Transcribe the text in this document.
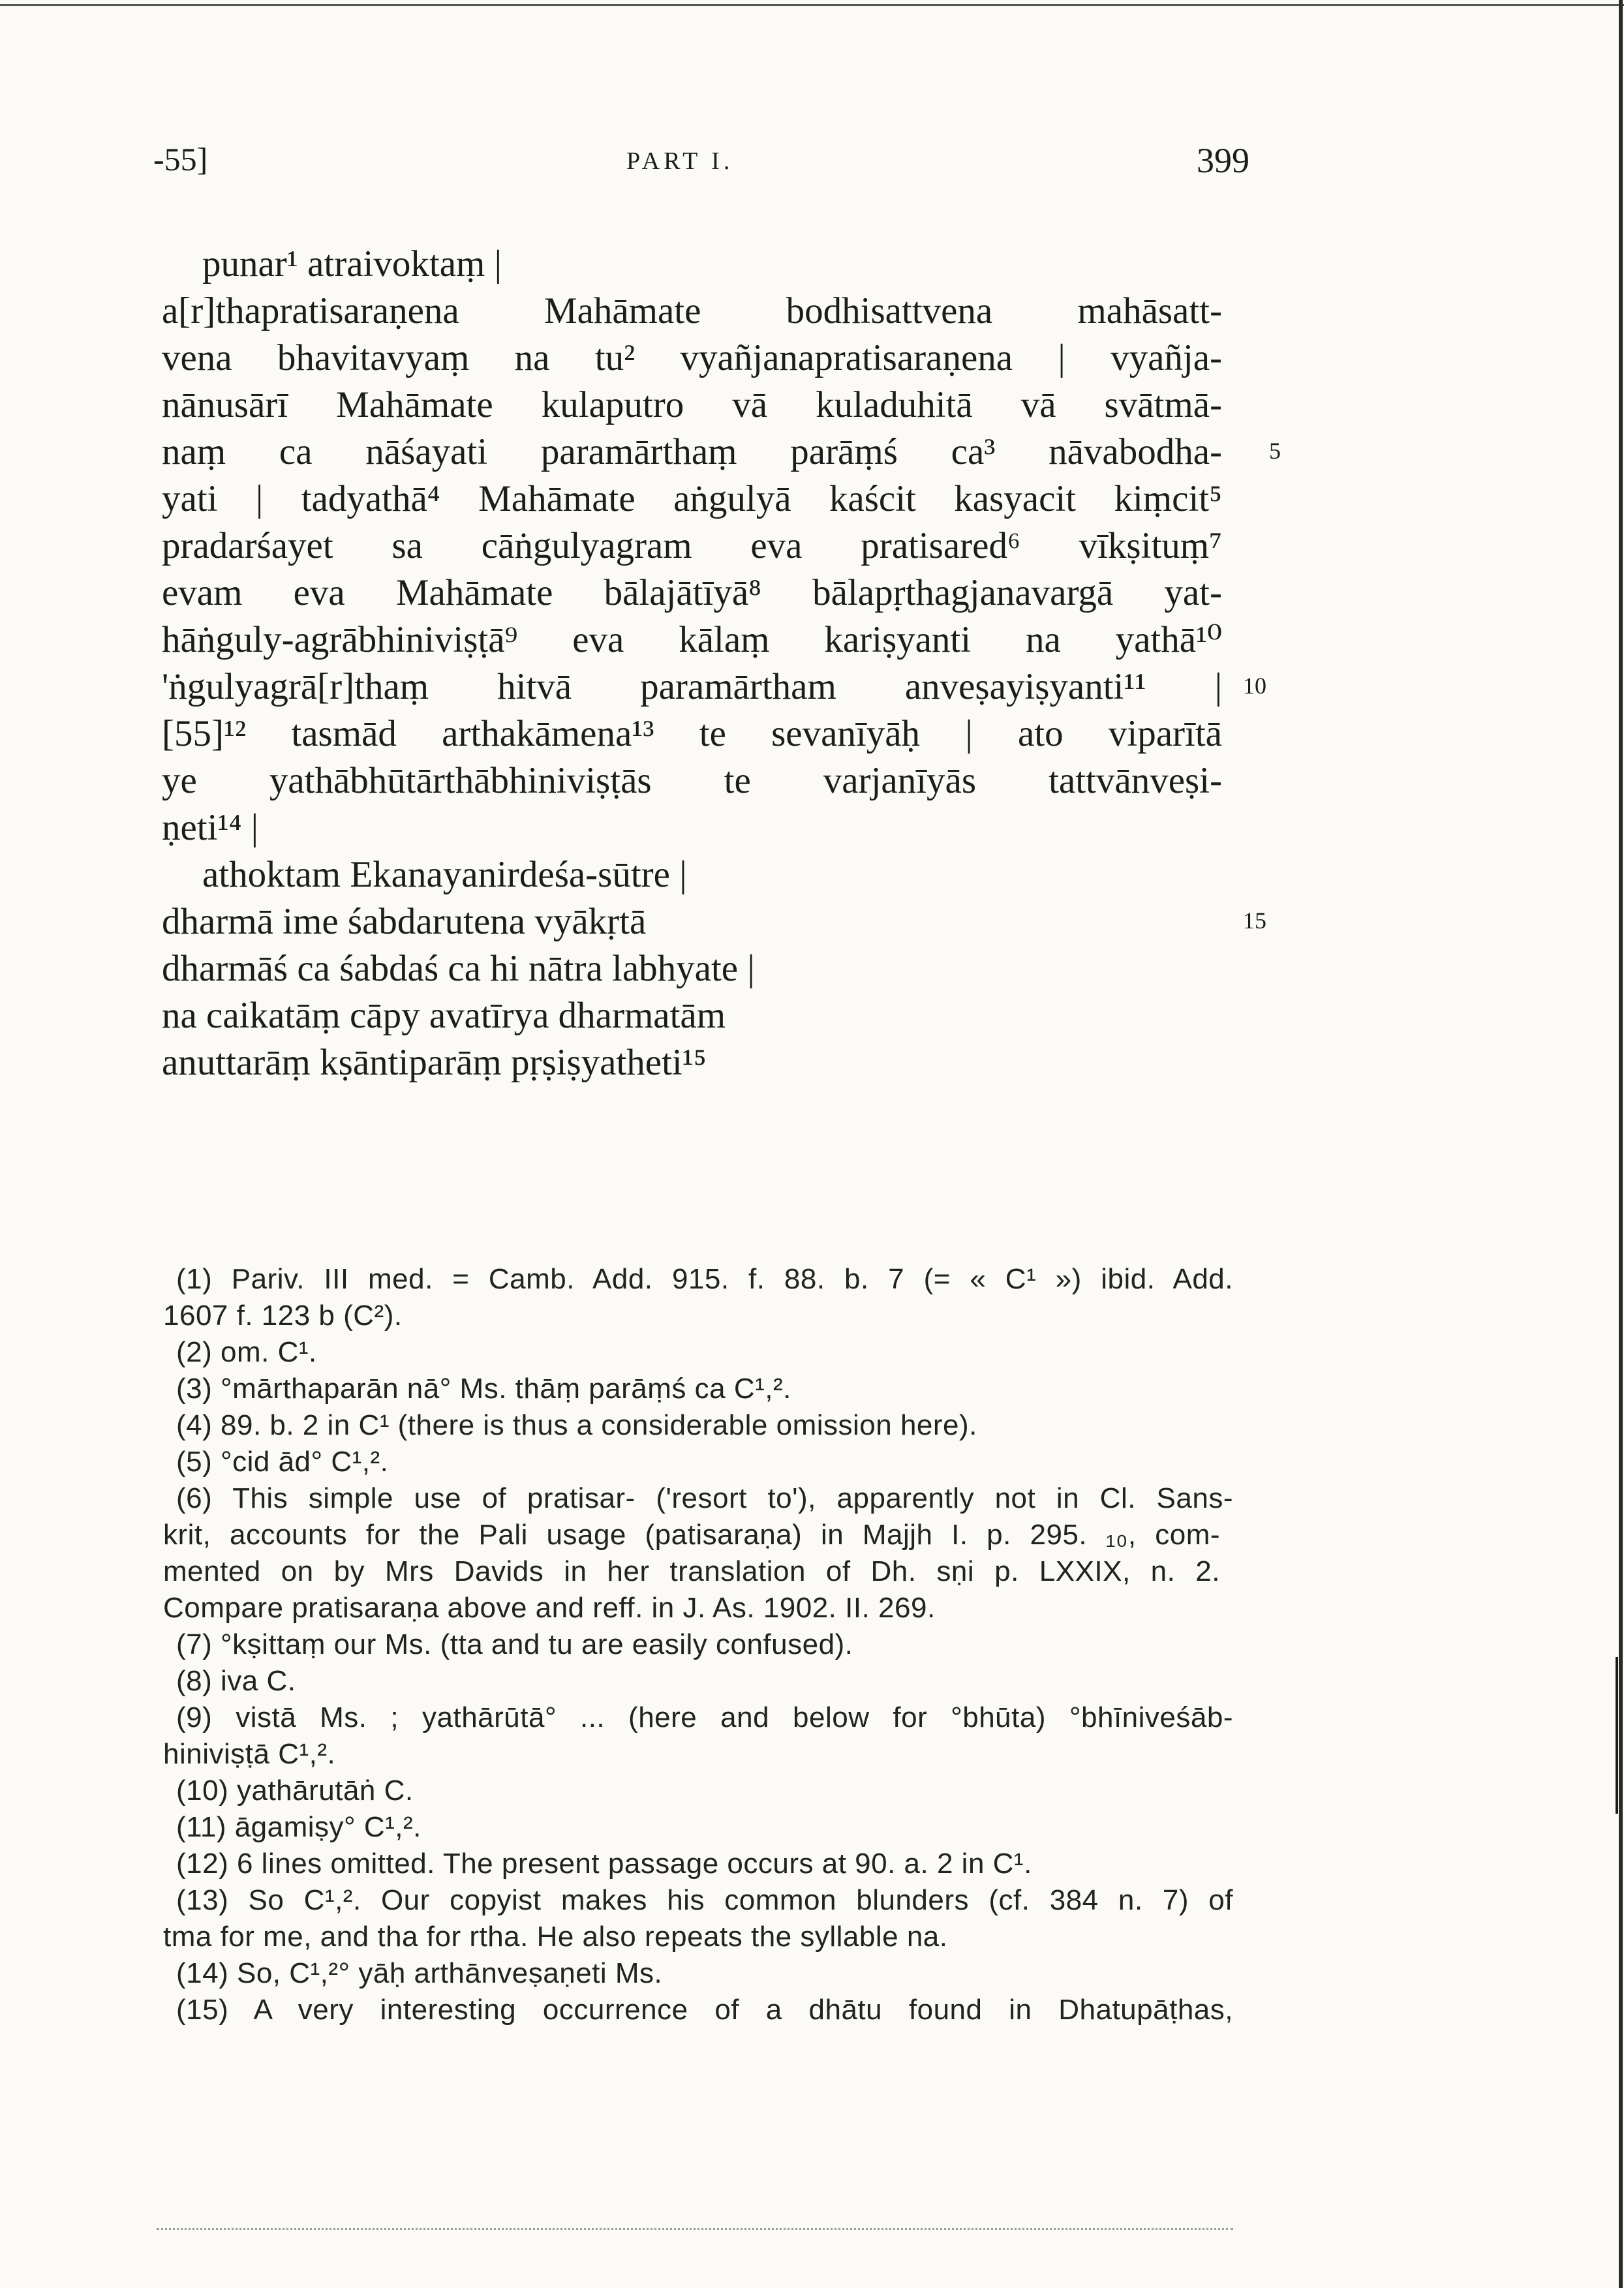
-55]	PART I.	399
punar¹ atraivoktaṃ |
a[r]thapratisaraṇena Mahāmate bodhisattvena mahāsatt-
vena bhavitavyaṃ na tu² vyañjanapratisaraṇena | vyañja-
nānusārī Mahāmate kulaputro vā kuladuhitā vā svātmā-
naṃ ca nāśayati paramārthaṃ parāṃś ca³ nāvabodha-
yati | tadyathā⁴ Mahāmate aṅgulyā kaścit kasyacit kiṃcit⁵
pradarśayet sa cāṅgulyagram eva pratisared⁶ vīkṣituṃ⁷
evam eva Mahāmate bālajātīyā⁸ bālapṛthagjanavargā yat-
hāṅguly-agrābhiniviṣṭā⁹ eva kālaṃ kariṣyanti na yathā¹⁰
'ṅgulyagrā[r]thaṃ hitvā paramārtham anveṣayiṣyanti¹¹ |
[55]¹² tasmād arthakāmena¹³ te sevanīyāḥ | ato viparītā
ye yathābhūtārthābhiniviṣṭās te varjanīyās tattvānveṣi-
ṇeti¹⁴ |
athoktam Ekanayanirdeśa-sūtre |
dharmā ime śabdarutena vyākṛtā
dharmāś ca śabdaś ca hi nātra labhyate |
na caikatāṃ cāpy avatīrya dharmatām
anuttarāṃ kṣāntiparāṃ pṛṣiṣyatheti¹⁵
5
10
15
(1) Pariv. III med. = Camb. Add. 915. f. 88. b. 7 (= « C¹ ») ibid. Add.
1607 f. 123 b (C²).
(2) om. C¹.
(3) °mārthaparān nā° Ms. thāṃ parāṃś ca C¹,².
(4) 89. b. 2 in C¹ (there is thus a considerable omission here).
(5) °cid ād° C¹,².
(6) This simple use of pratisar- ('resort to'), apparently not in Cl. Sans-
krit, accounts for the Pali usage (patisaraṇa) in Majjh I. p. 295. ₁₀, com-
mented on by Mrs Davids in her translation of Dh. sṇi p. LXXIX, n. 2.
Compare pratisaraṇa above and reff. in J. As. 1902. II. 269.
(7) °kṣittaṃ our Ms. (tta and tu are easily confused).
(8) iva C.
(9) vistā Ms. ; yathārūtā° ... (here and below for °bhūta) °bhīniveśāb-
hiniviṣṭā C¹,².
(10) yathārutāṅ C.
(11) āgamiṣy° C¹,².
(12) 6 lines omitted. The present passage occurs at 90. a. 2 in C¹.
(13) So C¹,². Our copyist makes his common blunders (cf. 384 n. 7) of
tma for me, and tha for rtha. He also repeats the syllable na.
(14) So, C¹,²° yāḥ arthānveṣaṇeti Ms.
(15) A very interesting occurrence of a dhātu found in Dhatupāṭhas,
